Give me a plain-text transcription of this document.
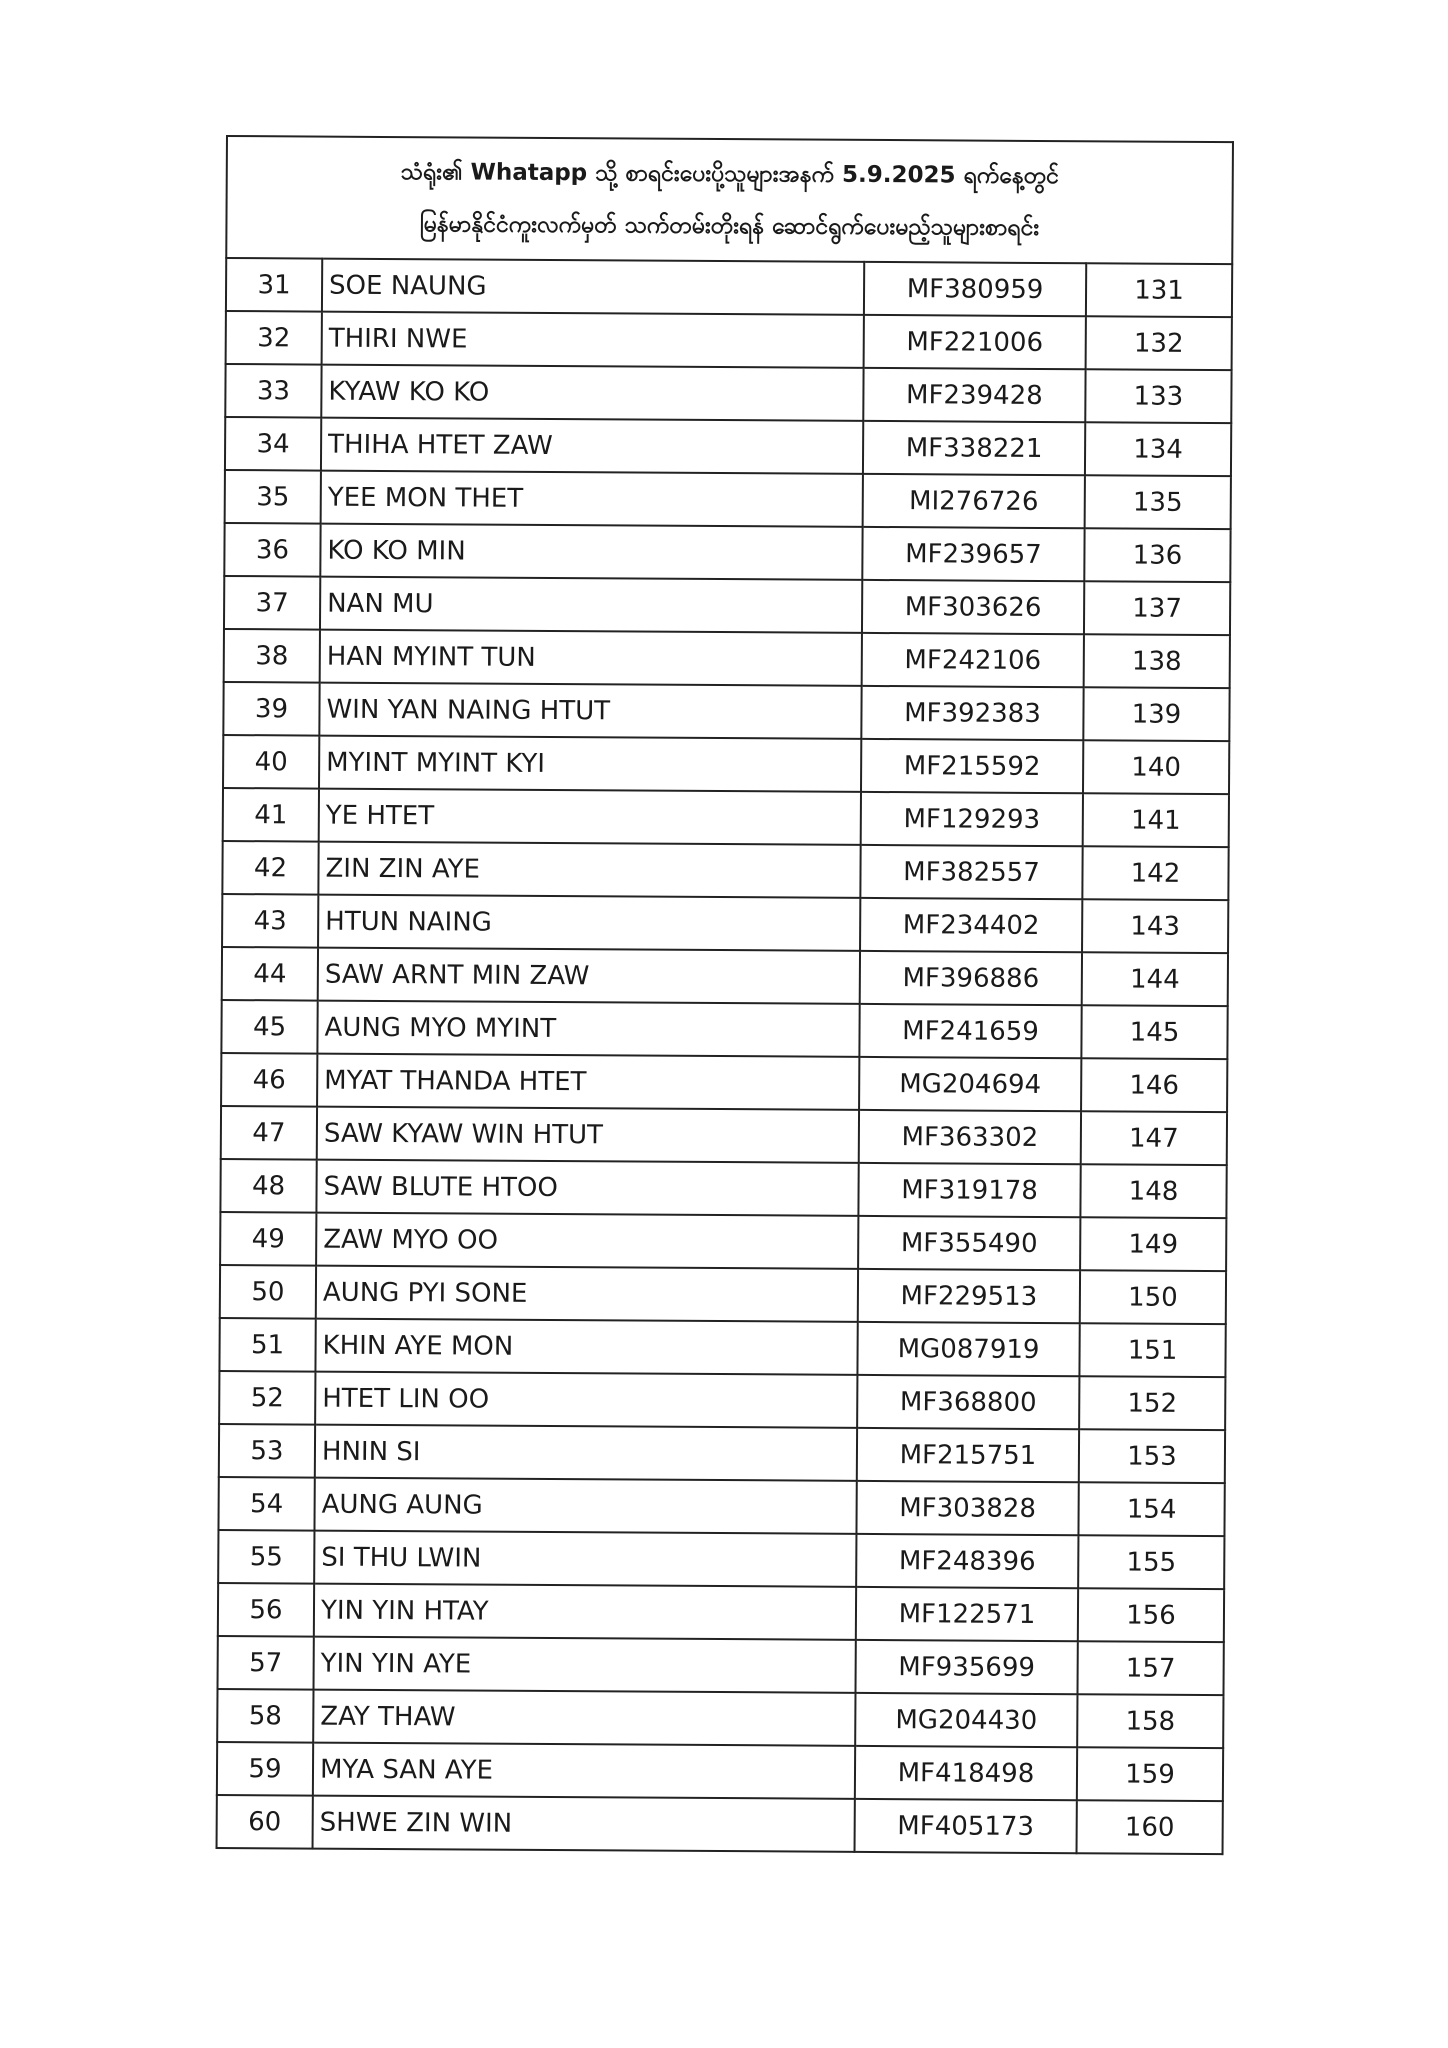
သံရုံး၏ Whatapp သို့ စာရင်းပေးပို့သူများအနက် 5.9.2025 ရက်နေ့တွင်
မြန်မာနိုင်ငံကူးလက်မှတ် သက်တမ်းတိုးရန် ဆောင်ရွက်ပေးမည့်သူများစာရင်း
31	SOE NAUNG	MF380959	131
32	THIRI NWE	MF221006	132
33	KYAW KO KO	MF239428	133
34	THIHA HTET ZAW	MF338221	134
35	YEE MON THET	MI276726	135
36	KO KO MIN	MF239657	136
37	NAN MU	MF303626	137
38	HAN MYINT TUN	MF242106	138
39	WIN YAN NAING HTUT	MF392383	139
40	MYINT MYINT KYI	MF215592	140
41	YE HTET	MF129293	141
42	ZIN ZIN AYE	MF382557	142
43	HTUN NAING	MF234402	143
44	SAW ARNT MIN ZAW	MF396886	144
45	AUNG MYO MYINT	MF241659	145
46	MYAT THANDA HTET	MG204694	146
47	SAW KYAW WIN HTUT	MF363302	147
48	SAW BLUTE HTOO	MF319178	148
49	ZAW MYO OO	MF355490	149
50	AUNG PYI SONE	MF229513	150
51	KHIN AYE MON	MG087919	151
52	HTET LIN OO	MF368800	152
53	HNIN SI	MF215751	153
54	AUNG AUNG	MF303828	154
55	SI THU LWIN	MF248396	155
56	YIN YIN HTAY	MF122571	156
57	YIN YIN AYE	MF935699	157
58	ZAY THAW	MG204430	158
59	MYA SAN AYE	MF418498	159
60	SHWE ZIN WIN	MF405173	160
